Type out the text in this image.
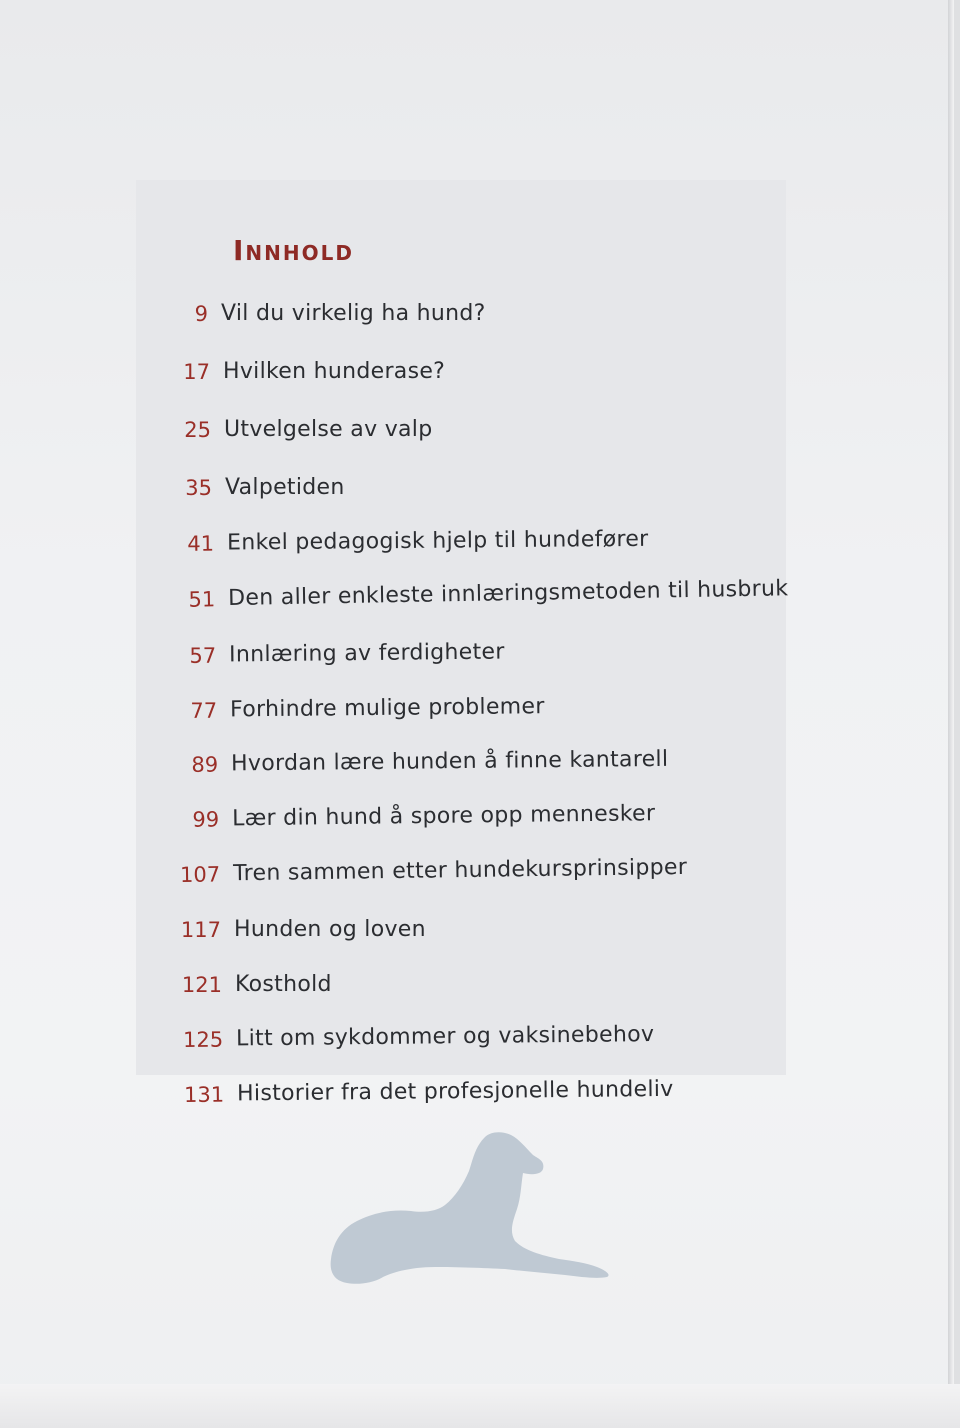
Innhold
9 Vil du virkelig ha hund?
17 Hvilken hunderase?
25 Utvelgelse av valp
35 Valpetiden
41 Enkel pedagogisk hjelp til hundefører
51 Den aller enkleste innlæringsmetoden til husbruk
57 Innlæring av ferdigheter
77 Forhindre mulige problemer
89 Hvordan lære hunden å finne kantarell
99 Lær din hund å spore opp mennesker
107 Tren sammen etter hundekursprinsipper
117 Hunden og loven
121 Kosthold
125 Litt om sykdommer og vaksinebehov
131 Historier fra det profesjonelle hundeliv
